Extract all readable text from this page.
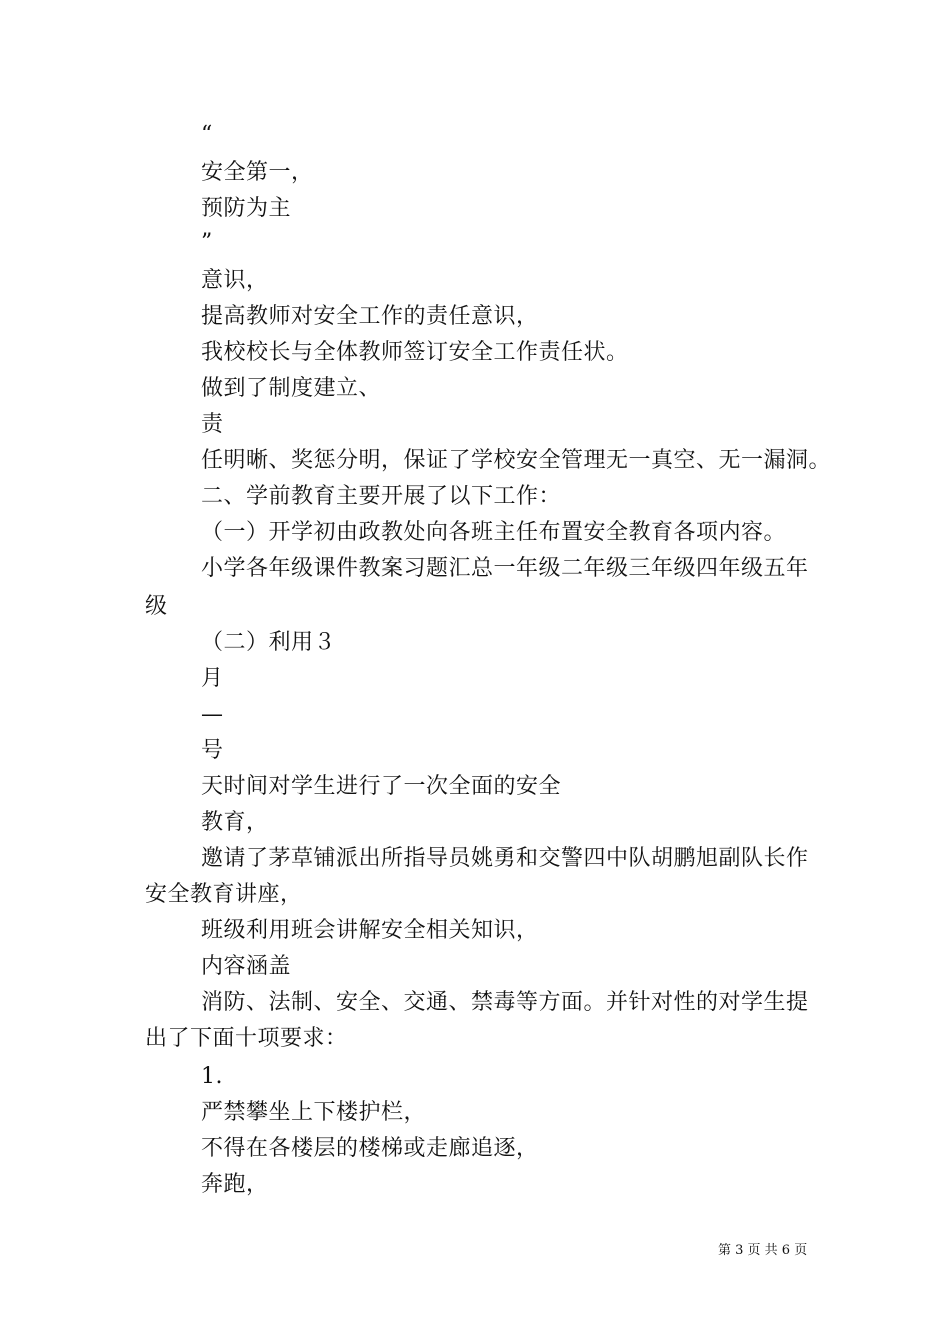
“
安全第一，
预防为主
”
意识，
提高教师对安全工作的责任意识，
我校校长与全体教师签订安全工作责任状。
做到了制度建立、
责
任明晰、奖惩分明，保证了学校安全管理无一真空、无一漏洞。
二、学前教育主要开展了以下工作：
（一）开学初由政教处向各班主任布置安全教育各项内容。
小学各年级课件教案习题汇总一年级二年级三年级四年级五年
级
（二）利用３
月
—
号
天时间对学生进行了一次全面的安全
教育，
邀请了茅草铺派出所指导员姚勇和交警四中队胡鹏旭副队长作
安全教育讲座，
班级利用班会讲解安全相关知识，
内容涵盖
消防、法制、安全、交通、禁毒等方面。并针对性的对学生提
出了下面十项要求：
1.
严禁攀坐上下楼护栏，
不得在各楼层的楼梯或走廊追逐，
奔跑，
第 3 页 共 6 页
